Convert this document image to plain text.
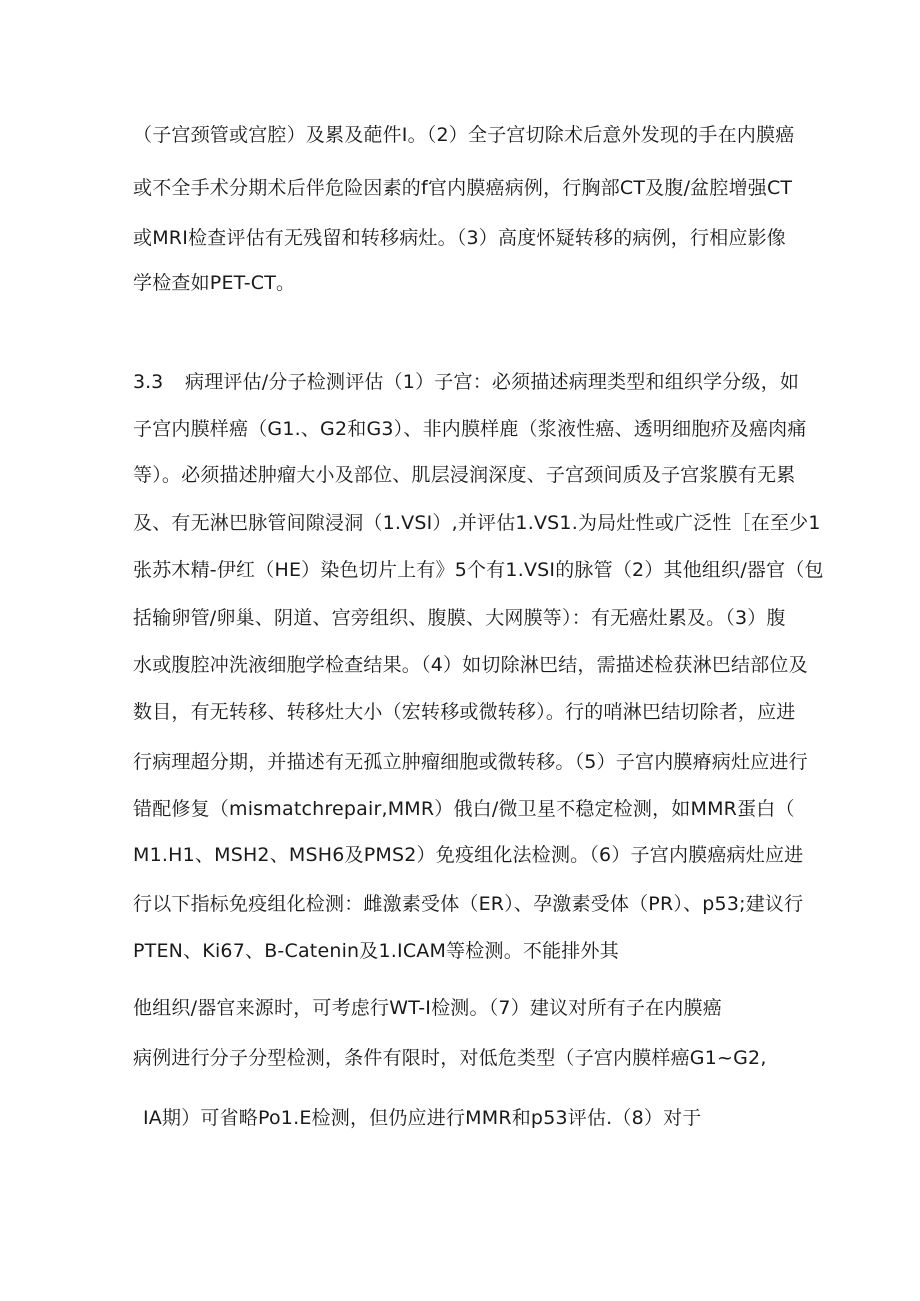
（子宫颈管或宫腔）及累及葩件I。（2）全子宫切除术后意外发现的手在内膜癌
或不全手术分期术后伴危险因素的f官内膜癌病例，行胸部CT及腹/盆腔增强CT
或MRI检查评估有无残留和转移病灶。（3）高度怀疑转移的病例，行相应影像
学检查如PET-CT。
3.3 病理评估/分子检测评估（1）子宫：必须描述病理类型和组织学分级，如
子宫内膜样癌（G1.、G2和G3）、非内膜样鹿（浆液性癌、透明细胞疥及癌肉痛
等）。必须描述肿瘤大小及部位、肌层浸润深度、子宫颈间质及子宫浆膜有无累
及、有无淋巴脉管间隙浸洞（1.VSI）,并评估1.VS1.为局灶性或广泛性［在至少1
张苏木精-伊红（HE）染色切片上有》5个有1.VSI的脉管（2）其他组织/器官（包
括输卵管/卵巢、阴道、宫旁组织、腹膜、大网膜等）：有无癌灶累及。（3）腹
水或腹腔冲洗液细胞学检查结果。（4）如切除淋巴结，需描述检获淋巴结部位及
数目，有无转移、转移灶大小（宏转移或微转移）。行的哨淋巴结切除者，应进
行病理超分期，并描述有无孤立肿瘤细胞或微转移。（5）子宫内膜瘠病灶应进行
错配修复（mismatchrepair,MMR）俄白/微卫星不稳定检测，如MMR蛋白（
M1.H1、MSH2、MSH6及PMS2）免疫组化法检测。（6）子宫内膜癌病灶应进
行以下指标免疫组化检测：雌激素受体（ER）、孕激素受体（PR）、p53;建议行
PTEN、Ki67、B-Catenin及1.ICAM等检测。不能排外其
他组织/器官来源时，可考虑行WT-I检测。（7）建议对所有子在内膜癌
病例进行分子分型检测，条件有限时，对低危类型（子宫内膜样癌G1~G2,
IA期）可省略Po1.E检测，但仍应进行MMR和p53评估.（8）对于
